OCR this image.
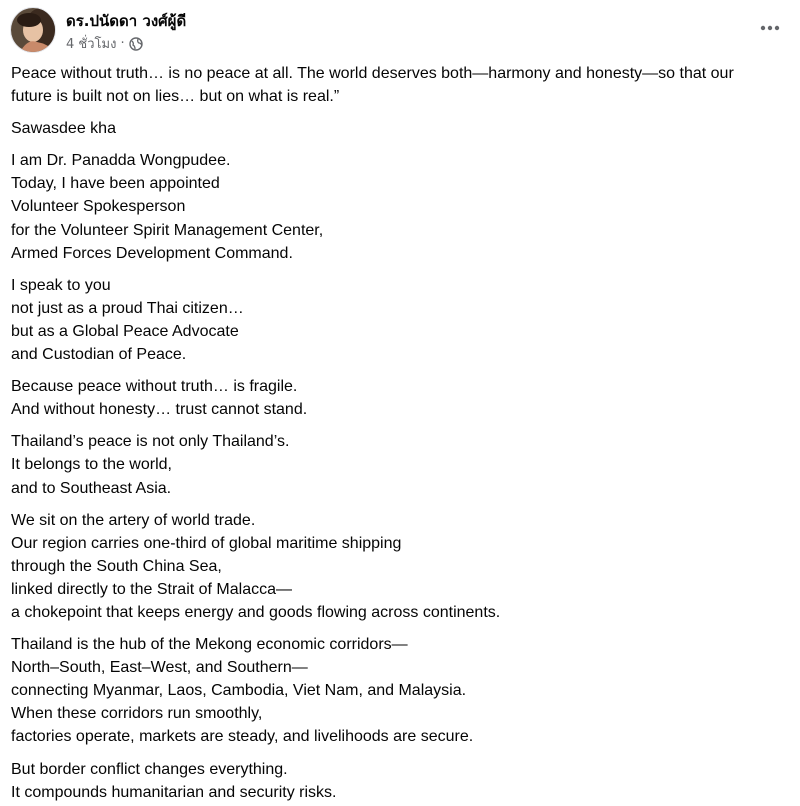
ดร.ปนัดดา วงศ์ผู้ดี
4 ชั่วโมง ·
Peace without truth… is no peace at all. The world deserves both—harmony and honesty—so that our
future is built not on lies… but on what is real.”
Sawasdee kha
I am Dr. Panadda Wongpudee.
Today, I have been appointed
Volunteer Spokesperson
for the Volunteer Spirit Management Center,
Armed Forces Development Command.
I speak to you
not just as a proud Thai citizen…
but as a Global Peace Advocate
and Custodian of Peace.
Because peace without truth… is fragile.
And without honesty… trust cannot stand.
Thailand’s peace is not only Thailand’s.
It belongs to the world,
and to Southeast Asia.
We sit on the artery of world trade.
Our region carries one-third of global maritime shipping
through the South China Sea,
linked directly to the Strait of Malacca—
a chokepoint that keeps energy and goods flowing across continents.
Thailand is the hub of the Mekong economic corridors—
North–South, East–West, and Southern—
connecting Myanmar, Laos, Cambodia, Viet Nam, and Malaysia.
When these corridors run smoothly,
factories operate, markets are steady, and livelihoods are secure.
But border conflict changes everything.
It compounds humanitarian and security risks.
